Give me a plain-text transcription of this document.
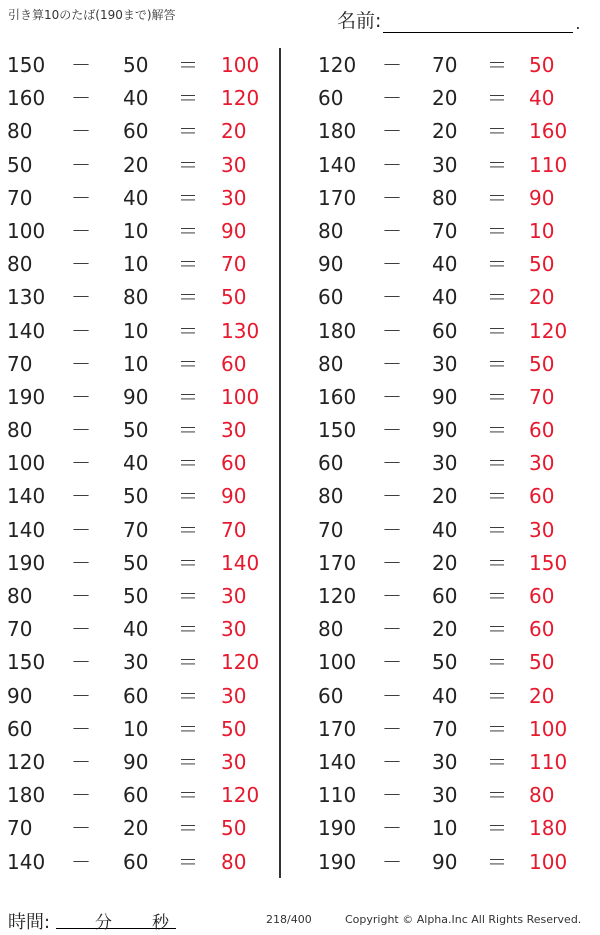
引き算10のたば(190まで)解答	名前:	.
150	－ 50	＝ 100
160	－ 40	＝ 120
80	－ 60	＝ 20
50	－ 20	＝ 30
70	－ 40	＝ 30
100	－ 10	＝ 90
80	－ 10	＝ 70
130	－ 80	＝ 50
140	－ 10	＝ 130
70	－ 10	＝ 60
190	－ 90	＝ 100
80	－ 50	＝ 30
100	－ 40	＝ 60
140	－ 50	＝ 90
140	－ 70	＝ 70
190	－ 50	＝ 140
80	－ 50	＝ 30
70	－ 40	＝ 30
150	－ 30	＝ 120
90	－ 60	＝ 30
60	－ 10	＝ 50
120	－ 90	＝ 30
180	－ 60	＝ 120
70	－ 20	＝ 50
140	－ 60	＝ 80
120	－ 70	＝ 50
60	－ 20	＝ 40
180	－ 20	＝ 160
140	－ 30	＝ 110
170	－ 80	＝ 90
80	－ 70	＝ 10
90	－ 40	＝ 50
60	－ 40	＝ 20
180	－ 60	＝ 120
80	－ 30	＝ 50
160	－ 90	＝ 70
150	－ 90	＝ 60
60	－ 30	＝ 30
80	－ 20	＝ 60
70	－ 40	＝ 30
170	－ 20	＝ 150
120	－ 60	＝ 60
80	－ 20	＝ 60
100	－ 50	＝ 50
60	－ 40	＝ 20
170	－ 70	＝ 100
140	－ 30	＝ 110
110	－ 30	＝ 80
190	－ 10	＝ 180
190	－ 90	＝ 100
時間:	分 秒	218/400	Copyright © Alpha.Inc All Rights Reserved.
